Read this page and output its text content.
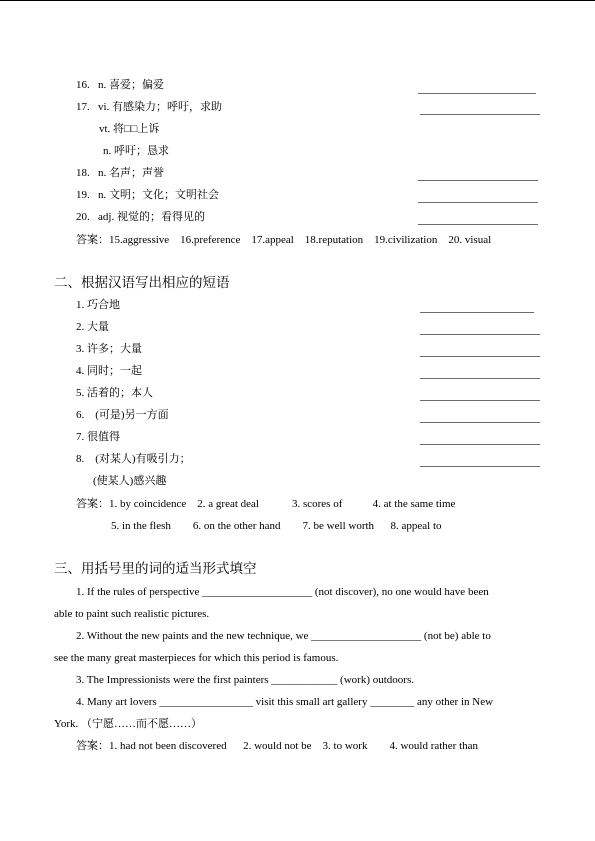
16. n. 喜爱；偏爱
17. vi. 有感染力；呼吁，求助
vt. 将□□上诉
n. 呼吁；恳求
18. n. 名声；声誉
19. n. 文明；文化；文明社会
20. adj. 视觉的；看得见的
答案：15.aggressive    16.preference    17.appeal    18.reputation    19.civilization    20. visual
二、根据汉语写出相应的短语
1. 巧合地
2. 大量
3. 许多；大量
4. 同时；一起
5. 活着的；本人
6.    (可是)另一方面
7. 很值得
8.    (对某人)有吸引力；
(使某人)感兴趣
答案：1. by coincidence    2. a great deal            3. scores of           4. at the same time
5. in the flesh        6. on the other hand        7. be well worth      8. appeal to
三、用括号里的词的适当形式填空
1. If the rules of perspective ____________________ (not discover), no one would have been
able to paint such realistic pictures.
2. Without the new paints and the new technique, we ____________________ (not be) able to
see the many great masterpieces for which this period is famous.
3. The Impressionists were the first painters ____________ (work) outdoors.
4. Many art lovers _________________ visit this small art gallery ________ any other in New
York. （宁愿……而不愿……）
答案：1. had not been discovered      2. would not be    3. to work        4. would rather than
